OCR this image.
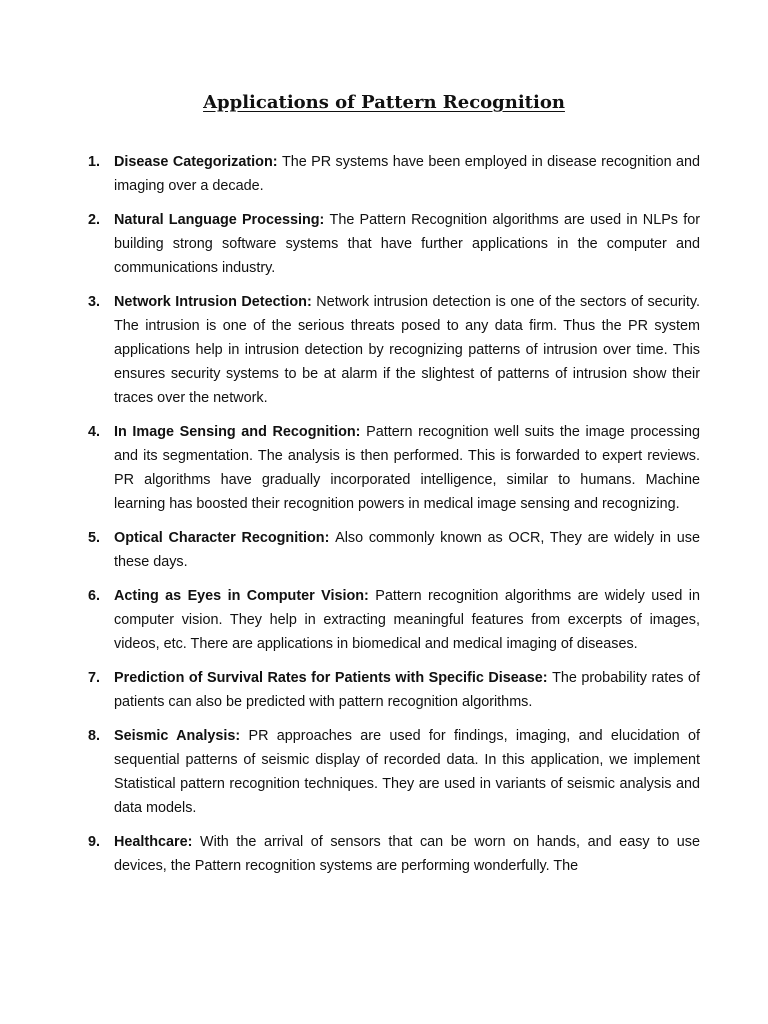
Applications of Pattern Recognition
1. Disease Categorization: The PR systems have been employed in disease recognition and imaging over a decade.
2. Natural Language Processing: The Pattern Recognition algorithms are used in NLPs for building strong software systems that have further applications in the computer and communications industry.
3. Network Intrusion Detection: Network intrusion detection is one of the sectors of security. The intrusion is one of the serious threats posed to any data firm. Thus the PR system applications help in intrusion detection by recognizing patterns of intrusion over time. This ensures security systems to be at alarm if the slightest of patterns of intrusion show their traces over the network.
4. In Image Sensing and Recognition: Pattern recognition well suits the image processing and its segmentation. The analysis is then performed. This is forwarded to expert reviews. PR algorithms have gradually incorporated intelligence, similar to humans. Machine learning has boosted their recognition powers in medical image sensing and recognizing.
5. Optical Character Recognition: Also commonly known as OCR, They are widely in use these days.
6. Acting as Eyes in Computer Vision: Pattern recognition algorithms are widely used in computer vision. They help in extracting meaningful features from excerpts of images, videos, etc. There are applications in biomedical and medical imaging of diseases.
7. Prediction of Survival Rates for Patients with Specific Disease: The probability rates of patients can also be predicted with pattern recognition algorithms.
8. Seismic Analysis: PR approaches are used for findings, imaging, and elucidation of sequential patterns of seismic display of recorded data. In this application, we implement Statistical pattern recognition techniques. They are used in variants of seismic analysis and data models.
9. Healthcare: With the arrival of sensors that can be worn on hands, and easy to use devices, the Pattern recognition systems are performing wonderfully. The
